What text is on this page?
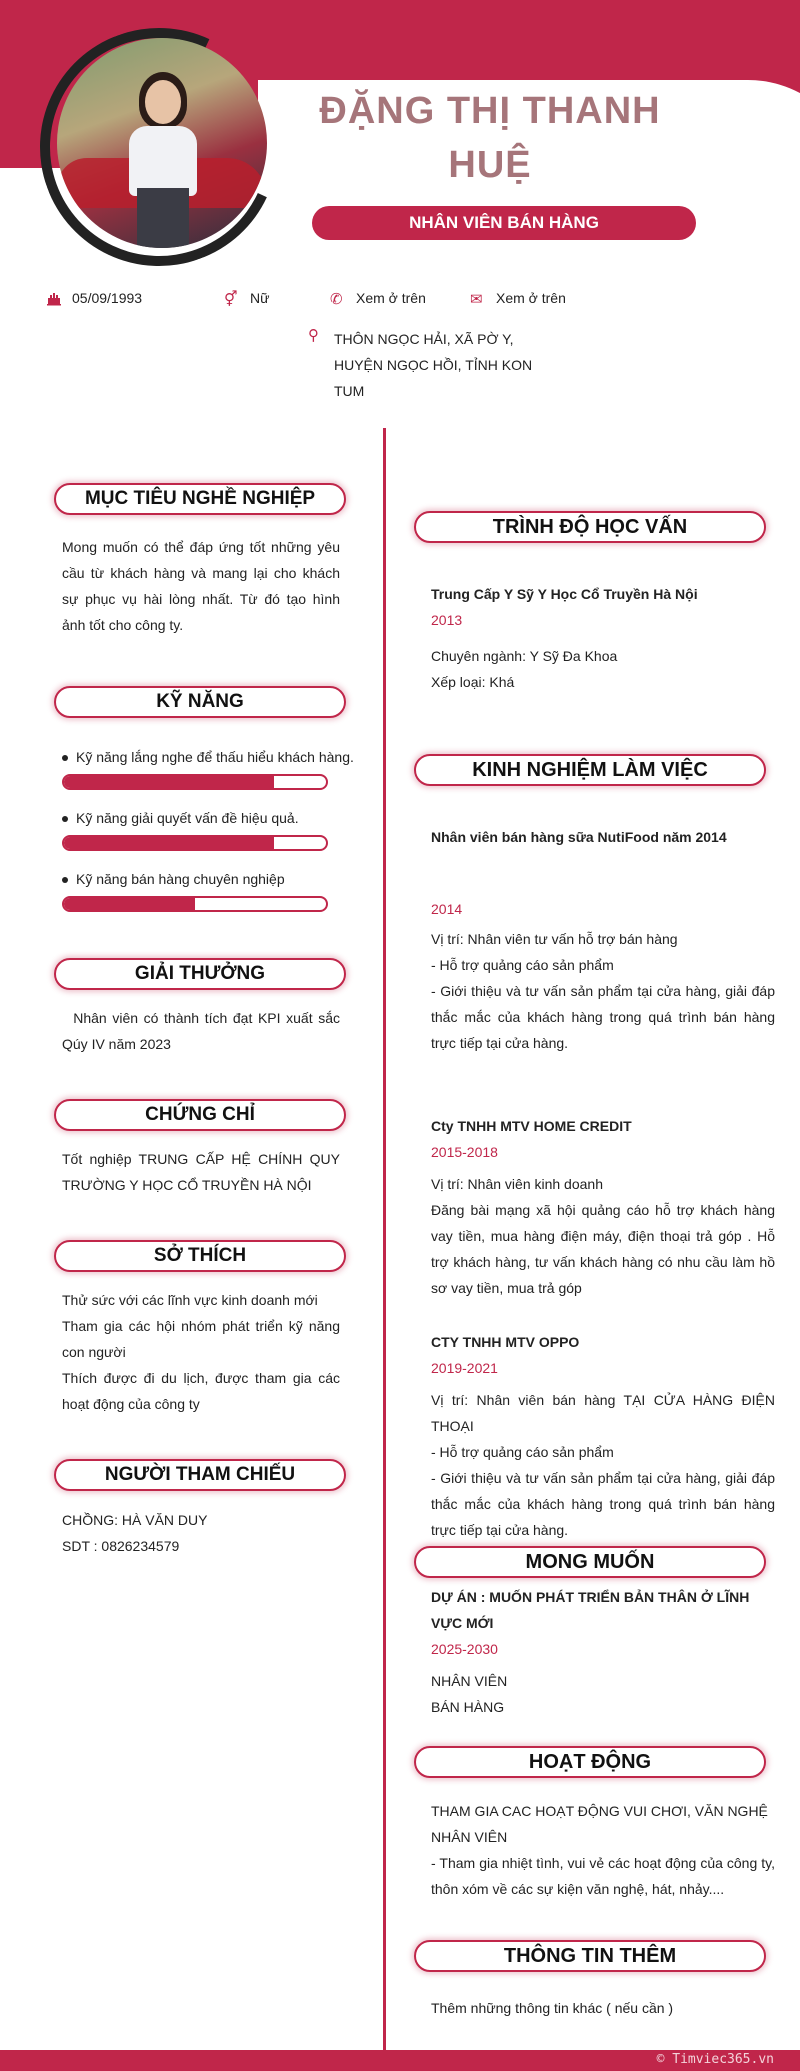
ĐẶNG THỊ THANH HUỆ
NHÂN VIÊN BÁN HÀNG
05/09/1993	⚥ Nữ	✆ Xem ở trên	✉ Xem ở trên
⚲	THÔN NGỌC HẢI, XÃ PỜ Y, HUYỆN NGỌC HỒI, TỈNH KON TUM
MỤC TIÊU NGHỀ NGHIỆP
Mong muốn có thể đáp ứng tốt những yêu cầu từ khách hàng và mang lại cho khách sự phục vụ hài lòng nhất. Từ đó tạo hình ảnh tốt cho công ty.
KỸ NĂNG
Kỹ năng lắng nghe để thấu hiểu khách hàng.
Kỹ năng giải quyết vấn đề hiệu quả.
Kỹ năng bán hàng chuyên nghiệp
GIẢI THƯỞNG
Nhân viên có thành tích đạt KPI xuất sắc Qúy IV năm 2023
CHỨNG CHỈ
Tốt nghiệp TRUNG CẤP HỆ CHÍNH QUY TRƯỜNG Y HỌC CỔ TRUYỀN HÀ NỘI
SỞ THÍCH
Thử sức với các lĩnh vực kinh doanh mới
Tham gia các hội nhóm phát triển kỹ năng con người
Thích được đi du lịch, được tham gia các hoạt động của công ty
NGƯỜI THAM CHIẾU
CHỒNG: HÀ VĂN DUY
SDT : 0826234579
TRÌNH ĐỘ HỌC VẤN
Trung Cấp Y Sỹ Y Học Cổ Truyền Hà Nội
2013
Chuyên ngành: Y Sỹ Đa Khoa
Xếp loại: Khá
KINH NGHIỆM LÀM VIỆC
Nhân viên bán hàng sữa NutiFood năm 2014
2014
Vị trí: Nhân viên tư vấn hỗ trợ bán hàng
- Hỗ trợ quảng cáo sản phẩm
- Giới thiệu và tư vấn sản phẩm tại cửa hàng, giải đáp thắc mắc của khách hàng trong quá trình bán hàng trực tiếp tại cửa hàng.
Cty TNHH MTV HOME CREDIT
2015-2018
Vị trí: Nhân viên kinh doanh
Đăng bài mạng xã hội quảng cáo hỗ trợ khách hàng vay tiền, mua hàng điện máy, điện thoại trả góp . Hỗ trợ khách hàng, tư vấn khách hàng có nhu cầu làm hồ sơ vay tiền, mua trả góp
CTY TNHH MTV OPPO
2019-2021
Vị trí: Nhân viên bán hàng TẠI CỬA HÀNG ĐIỆN THOẠI
- Hỗ trợ quảng cáo sản phẩm
- Giới thiệu và tư vấn sản phẩm tại cửa hàng, giải đáp thắc mắc của khách hàng trong quá trình bán hàng trực tiếp tại cửa hàng.
MONG MUỐN
DỰ ÁN : MUỐN PHÁT TRIỂN BẢN THÂN Ở LĨNH VỰC MỚI
2025-2030
NHÂN VIÊN
BÁN HÀNG
HOẠT ĐỘNG
THAM GIA CAC HOẠT ĐỘNG VUI CHƠI, VĂN NGHỆ
NHÂN VIÊN
- Tham gia nhiệt tình, vui vẻ các hoạt động của công ty, thôn xóm về các sự kiện văn nghệ, hát, nhảy....
THÔNG TIN THÊM
Thêm những thông tin khác ( nếu cần )
© Timviec365.vn
